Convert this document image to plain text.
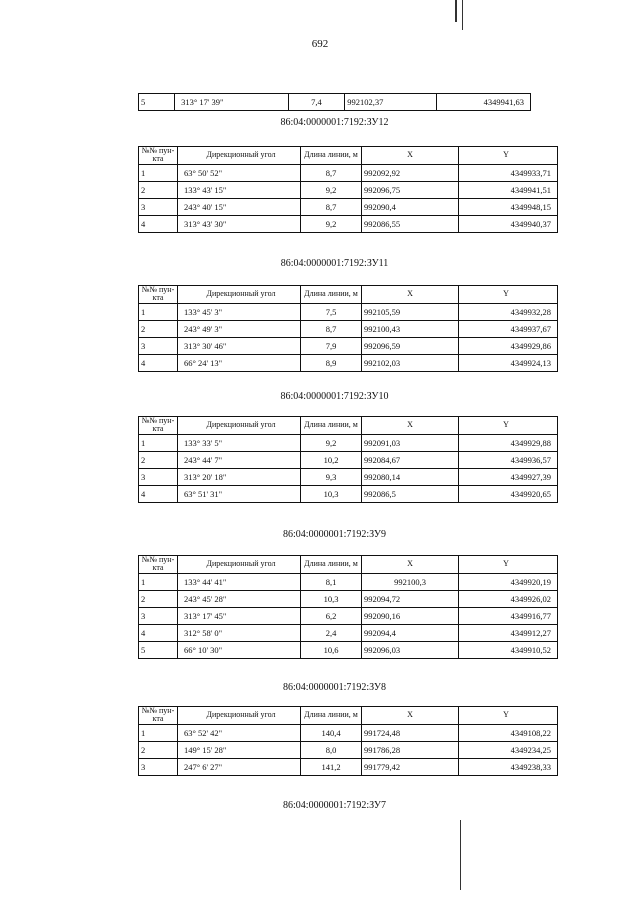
692
5	313° 17' 39"	7,4	992102,37	4349941,63
86:04:0000001:7192:ЗУ12
№№ пун-кта	Дирекционный угол	Длина линии, м	X	Y
1	63° 50' 52"	8,7	992092,92	4349933,71
2	133° 43' 15"	9,2	992096,75	4349941,51
3	243° 40' 15"	8,7	992090,4	4349948,15
4	313° 43' 30"	9,2	992086,55	4349940,37
86:04:0000001:7192:ЗУ11
№№ пун-кта	Дирекционный угол	Длина линии, м	X	Y
1	133° 45' 3"	7,5	992105,59	4349932,28
2	243° 49' 3"	8,7	992100,43	4349937,67
3	313° 30' 46"	7,9	992096,59	4349929,86
4	66° 24' 13"	8,9	992102,03	4349924,13
86:04:0000001:7192:ЗУ10
№№ пун-кта	Дирекционный угол	Длина линии, м	X	Y
1	133° 33' 5"	9,2	992091,03	4349929,88
2	243° 44' 7"	10,2	992084,67	4349936,57
3	313° 20' 18"	9,3	992080,14	4349927,39
4	63° 51' 31"	10,3	992086,5	4349920,65
86:04:0000001:7192:ЗУ9
№№ пун-кта	Дирекционный угол	Длина линии, м	X	Y
1	133° 44' 41"	8,1	992100,3	4349920,19
2	243° 45' 28"	10,3	992094,72	4349926,02
3	313° 17' 45"	6,2	992090,16	4349916,77
4	312° 58' 0"	2,4	992094,4	4349912,27
5	66° 10' 30"	10,6	992096,03	4349910,52
86:04:0000001:7192:ЗУ8
№№ пун-кта	Дирекционный угол	Длина линии, м	X	Y
1	63° 52' 42"	140,4	991724,48	4349108,22
2	149° 15' 28"	8,0	991786,28	4349234,25
3	247° 6' 27"	141,2	991779,42	4349238,33
86:04:0000001:7192:ЗУ7
